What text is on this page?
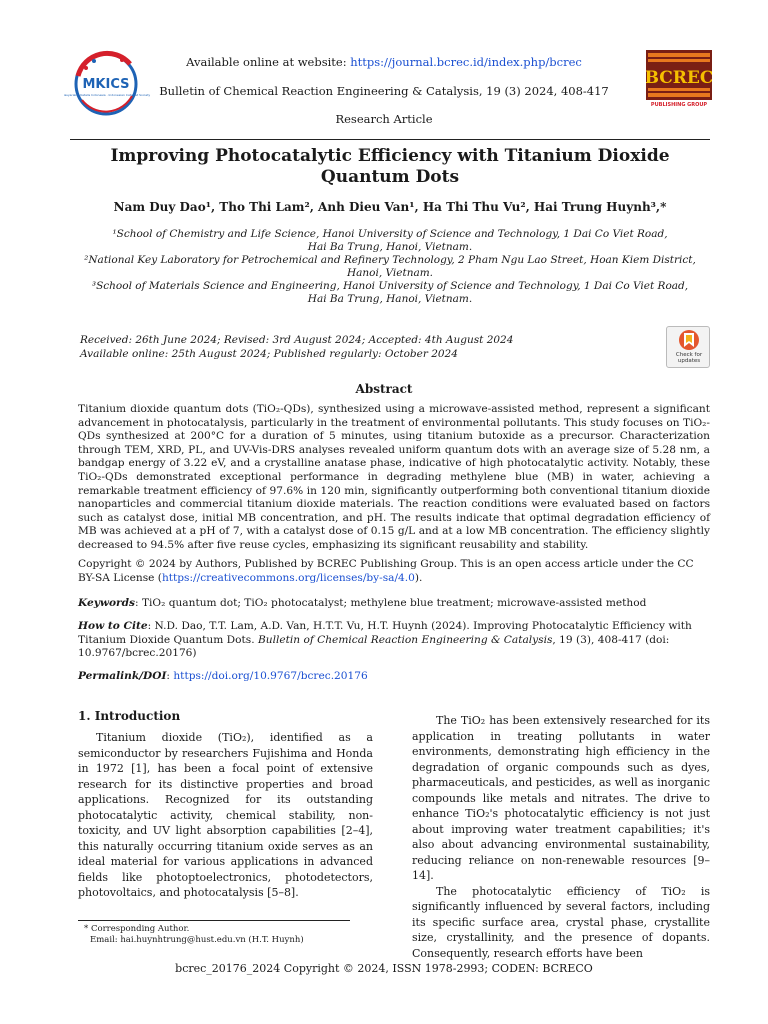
MKICS
Masyarakat Katalis Indonesia · Indonesian Catalyst Society
BCREC
PUBLISHING GROUP
Available online at website: https://journal.bcrec.id/index.php/bcrec
Bulletin of Chemical Reaction Engineering & Catalysis, 19 (3) 2024, 408-417
Research Article
Improving Photocatalytic Efficiency with Titanium Dioxide
Quantum Dots
Nam Duy Dao¹, Tho Thi Lam², Anh Dieu Van¹, Ha Thi Thu Vu², Hai Trung Huynh³,*
¹School of Chemistry and Life Science, Hanoi University of Science and Technology, 1 Dai Co Viet Road,
Hai Ba Trung, Hanoi, Vietnam.
²National Key Laboratory for Petrochemical and Refinery Technology, 2 Pham Ngu Lao Street, Hoan Kiem District,
Hanoi, Vietnam.
³School of Materials Science and Engineering, Hanoi University of Science and Technology, 1 Dai Co Viet Road,
Hai Ba Trung, Hanoi, Vietnam.
Received: 26th June 2024; Revised: 3rd August 2024; Accepted: 4th August 2024
Available online: 25th August 2024; Published regularly: October 2024	Check for
updates
Abstract
Titanium dioxide quantum dots (TiO₂-QDs), synthesized using a microwave-assisted method, represent a significant advancement in photocatalysis, particularly in the treatment of environmental pollutants. This study focuses on TiO₂-QDs synthesized at 200°C for a duration of 5 minutes, using titanium butoxide as a precursor. Characterization through TEM, XRD, PL, and UV-Vis-DRS analyses revealed uniform quantum dots with an average size of 5.28 nm, a bandgap energy of 3.22 eV, and a crystalline anatase phase, indicative of high photocatalytic activity. Notably, these TiO₂-QDs demonstrated exceptional performance in degrading methylene blue (MB) in water, achieving a remarkable treatment efficiency of 97.6% in 120 min, significantly outperforming both conventional titanium dioxide nanoparticles and commercial titanium dioxide materials. The reaction conditions were evaluated based on factors such as catalyst dose, initial MB concentration, and pH. The results indicate that optimal degradation efficiency of MB was achieved at a pH of 7, with a catalyst dose of 0.15 g/L and at a low MB concentration. The efficiency slightly decreased to 94.5% after five reuse cycles, emphasizing its significant reusability and stability.
Copyright © 2024 by Authors, Published by BCREC Publishing Group. This is an open access article under the CC BY-SA License (https://creativecommons.org/licenses/by-sa/4.0).
Keywords: TiO₂ quantum dot; TiO₂ photocatalyst; methylene blue treatment; microwave-assisted method
How to Cite: N.D. Dao, T.T. Lam, A.D. Van, H.T.T. Vu, H.T. Huynh (2024). Improving Photocatalytic Efficiency with Titanium Dioxide Quantum Dots. Bulletin of Chemical Reaction Engineering & Catalysis, 19 (3), 408-417 (doi: 10.9767/bcrec.20176)
Permalink/DOI: https://doi.org/10.9767/bcrec.20176
1. Introduction
Titanium dioxide (TiO₂), identified as a semiconductor by researchers Fujishima and Honda in 1972 [1], has been a focal point of extensive research for its distinctive properties and broad applications. Recognized for its outstanding photocatalytic activity, chemical stability, non-toxicity, and UV light absorption capabilities [2–4], this naturally occurring titanium oxide serves as an ideal material for various applications in advanced fields like photoptoelectronics, photodetectors, photovoltaics, and photocatalysis [5–8].

The TiO₂ has been extensively researched for its application in treating pollutants in water environments, demonstrating high efficiency in the degradation of organic compounds such as dyes, pharmaceuticals, and pesticides, as well as inorganic compounds like metals and nitrates. The drive to enhance TiO₂'s photocatalytic efficiency is not just about improving water treatment capabilities; it's also about advancing environmental sustainability, reducing reliance on non-renewable resources [9–14].

The photocatalytic efficiency of TiO₂ is significantly influenced by several factors, including its specific surface area, crystal phase, crystallite size, crystallinity, and the presence of dopants. Consequently, research efforts have been

* Corresponding Author.
Email: hai.huynhtrung@hust.edu.vn (H.T. Huynh)
bcrec_20176_2024 Copyright © 2024, ISSN 1978-2993; CODEN: BCRECO
